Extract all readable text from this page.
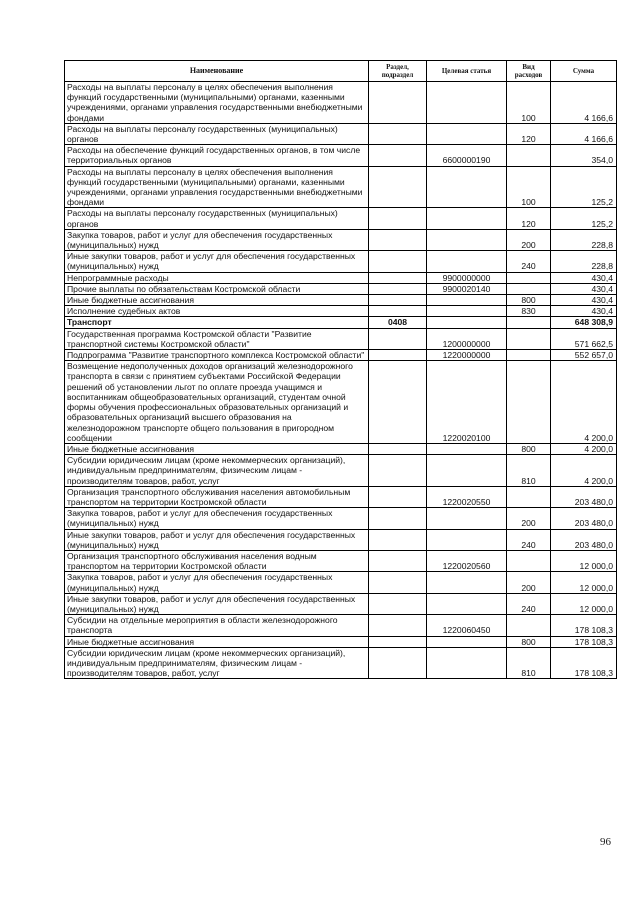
Наименование	Раздел, подраздел	Целевая статья	Вид расходов	Сумма
Расходы на выплаты персоналу в целях обеспечения выполнения функций государственными (муниципальными) органами, казенными учреждениями, органами управления государственными внебюджетными фондами			100	4 166,6
Расходы на выплаты персоналу государственных (муниципальных) органов			120	4 166,6
Расходы на обеспечение функций государственных органов, в том числе территориальных органов		6600000190		354,0
Расходы на выплаты персоналу в целях обеспечения выполнения функций государственными (муниципальными) органами, казенными учреждениями, органами управления государственными внебюджетными фондами			100	125,2
Расходы на выплаты персоналу государственных (муниципальных) органов			120	125,2
Закупка товаров, работ и услуг для обеспечения государственных (муниципальных) нужд			200	228,8
Иные закупки товаров, работ и услуг для обеспечения государственных (муниципальных) нужд			240	228,8
Непрограммные расходы		9900000000		430,4
Прочие выплаты по обязательствам Костромской области		9900020140		430,4
Иные бюджетные ассигнования			800	430,4
Исполнение судебных актов			830	430,4
Транспорт	0408			648 308,9
Государственная программа Костромской области "Развитие транспортной системы Костромской области"		1200000000		571 662,5
Подпрограмма "Развитие транспортного комплекса Костромской области"		1220000000		552 657,0
Возмещение недополученных доходов организаций железнодорожного транспорта в связи с принятием субъектами Российской Федерации решений об установлении льгот по оплате проезда учащимся и воспитанникам общеобразовательных организаций, студентам очной формы обучения профессиональных образовательных организаций и образовательных организаций высшего образования на железнодорожном транспорте общего пользования в пригородном сообщении		1220020100		4 200,0
Иные бюджетные ассигнования			800	4 200,0
Субсидии юридическим лицам (кроме некоммерческих организаций), индивидуальным предпринимателям, физическим лицам - производителям товаров, работ, услуг			810	4 200,0
Организация транспортного обслуживания населения автомобильным транспортом на территории Костромской области		1220020550		203 480,0
Закупка товаров, работ и услуг для обеспечения государственных (муниципальных) нужд			200	203 480,0
Иные закупки товаров, работ и услуг для обеспечения государственных (муниципальных) нужд			240	203 480,0
Организация транспортного обслуживания населения водным транспортом на территории Костромской области		1220020560		12 000,0
Закупка товаров, работ и услуг для обеспечения государственных (муниципальных) нужд			200	12 000,0
Иные закупки товаров, работ и услуг для обеспечения государственных (муниципальных) нужд			240	12 000,0
Субсидии на отдельные мероприятия в области железнодорожного транспорта		1220060450		178 108,3
Иные бюджетные ассигнования			800	178 108,3
Субсидии юридическим лицам (кроме некоммерческих организаций), индивидуальным предпринимателям, физическим лицам - производителям товаров, работ, услуг			810	178 108,3
96
